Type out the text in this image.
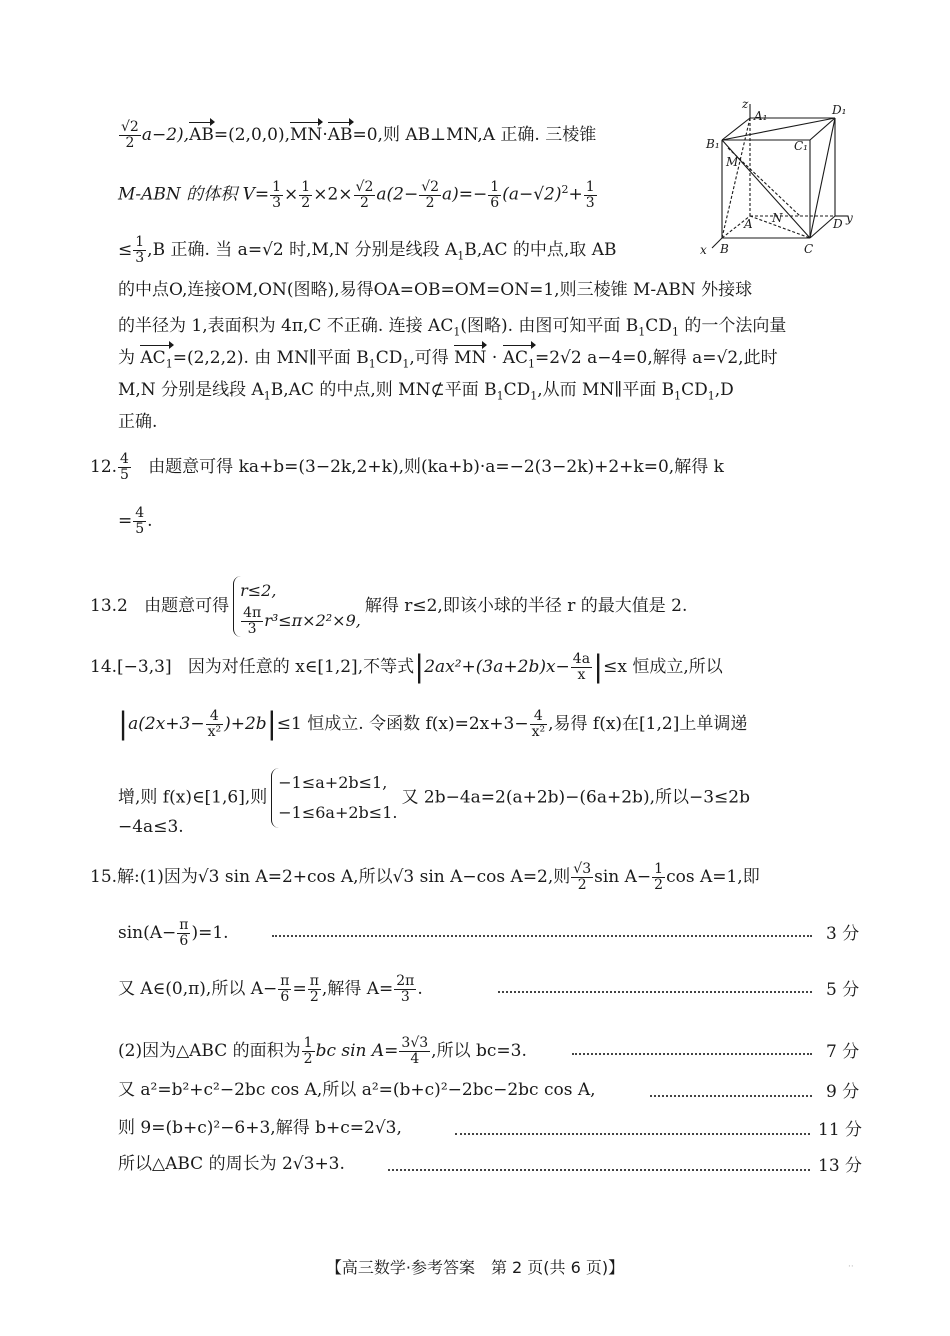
$\frac{√2}{2} a-2),AB=(2,0,0),MN\cdot AB=0$,则 AB⊥MN,A 正确. 三棱锥
M-ABN 的体积 $V= \frac{1}{3} \times \frac{1}{2} \times 2\times \frac{√2}{2} a(2- \frac{√2}{2} a)=- \frac{1}{6} (a-√2)^2+ \frac{1}{3}$
≤ $\frac{1}{3} ,B$ 正确. 当 a=√2 时,M,N 分别是线段 $A_1B,AC$ 的中点,取 AB
的中点O,连接OM,ON(图略),易得OA=OB=OM=ON=1,则三棱锥 M-ABN 外接球
的半径为 1,表面积为 4π,C 不正确. 连接 $AC_1$(图略). 由图可知平面 $B_1CD_1$ 的一个法向量
为 $AC_1=(2,2,2)$. 由 MN∥平面 $B_1CD_1$,可得 MN · $AC_1=2√2$ a−4=0,解得 a=√2,此时
M,N 分别是线段 $A_1B,AC$ 的中点,则 MN⊄平面 $B_1CD_1$,从而 MN∥平面 $B_1CD_1,D$
正确.
z
A₁	D₁
B₁	C₁
M
N
A
B	C
D y
x
12. $\frac{4}{5}$ 由题意可得 ka+b=(3−2k,2+k),则(ka+b)·a=−2(3−2k)+2+k=0,解得 k
= $\frac{4}{5}$ .
13.2 由题意可得r≤2,

$\frac{4\pi}{3} r^3\le\pi\times 2^2\times 9$,解得 r≤2,即该小球的半径 r 的最大值是 2.
14.[−3,3] 因为对任意的 x∈[1,2],不等式$|2ax^2+(3a+2b)x- \frac{4a}{x} |\le x$ 恒成立,所以
$|a(2x+3- \frac{4}{\text{x²}} )+2b|\le 1$ 恒成立. 令函数 $f(x)=2x+3- \frac{4}{\text{x²}}$ ,易得 f(x)在[1,2]上单调递
增,则 f(x)∈[1,6],则−1≤a+2b≤1,
−1≤6a+2b≤1.又 2b−4a=2(a+2b)−(6a+2b),所以−3≤2b
−4a≤3.
15.解:(1)因为√3 sin A=2+cos A,所以√3 sin A−cos A=2,则 $\frac{√3}{2}$ $\sin A- \frac{1}{2}$ cos A=1,即
$\sin(A- \frac{\pi}{6} )=1$.	3 分
又 A∈(0,π),所以 $A- \frac{\pi}{6} = \frac{\pi}{2}$ ,解得 $A= \frac{2\pi}{3}$ .	5 分
(2)因为△ABC 的面积为 $\frac{1}{2}$ bc $\sin A= \frac{3√3}{4}$ ,所以 bc=3.	7 分
又 a²=b²+c²−2bc cos A,所以 a²=(b+c)²−2bc−2bc cos A,	9 分
则 9=(b+c)²−6+3,解得 b+c=2√3,	11 分
所以△ABC 的周长为 2√3+3.	13 分
【高三数学·参考答案　第 2 页(共 6 页)】	··
